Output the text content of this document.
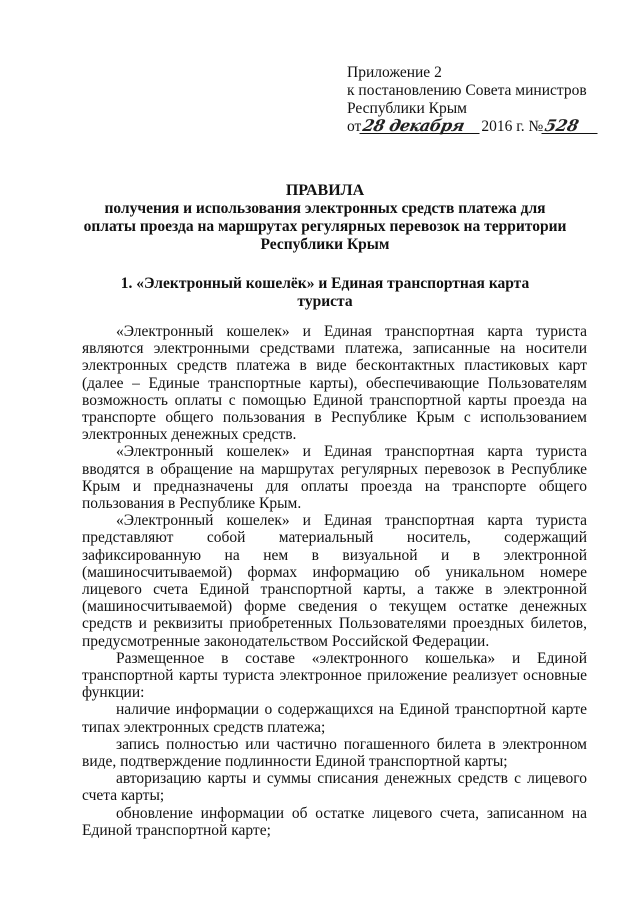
Приложение 2
к постановлению Совета министров
Республики Крым
от 28 декабря 2016 г. № 528
ПРАВИЛА
получения и использования электронных средств платежа для
оплаты проезда на маршрутах регулярных перевозок на территории
Республики Крым
1. «Электронный кошелёк» и Единая транспортная карта
туриста

«Электронный кошелек» и Единая транспортная карта туриста являются электронными средствами платежа, записанные на носители электронных средств платежа в виде бесконтактных пластиковых карт (далее – Единые транспортные карты), обеспечивающие Пользователям возможность оплаты с помощью Единой транспортной карты проезда на транспорте общего пользования в Республике Крым с использованием электронных денежных средств.

«Электронный кошелек» и Единая транспортная карта туриста вводятся в обращение на маршрутах регулярных перевозок в Республике Крым и предназначены для оплаты проезда на транспорте общего пользования в Республике Крым.

«Электронный кошелек» и Единая транспортная карта туриста представляют собой материальный носитель, содержащий зафиксированную на нем в визуальной и в электронной (машиносчитываемой) формах информацию об уникальном номере лицевого счета Единой транспортной карты, а также в электронной (машиносчитываемой) форме сведения о текущем остатке денежных средств и реквизиты приобретенных Пользователями проездных билетов, предусмотренные законодательством Российской Федерации.

Размещенное в составе «электронного кошелька» и Единой транспортной карты туриста электронное приложение реализует основные функции:

наличие информации о содержащихся на Единой транспортной карте типах электронных средств платежа;

запись полностью или частично погашенного билета в электронном виде, подтверждение подлинности Единой транспортной карты;

авторизацию карты и суммы списания денежных средств с лицевого счета карты;

обновление информации об остатке лицевого счета, записанном на Единой транспортной карте;
